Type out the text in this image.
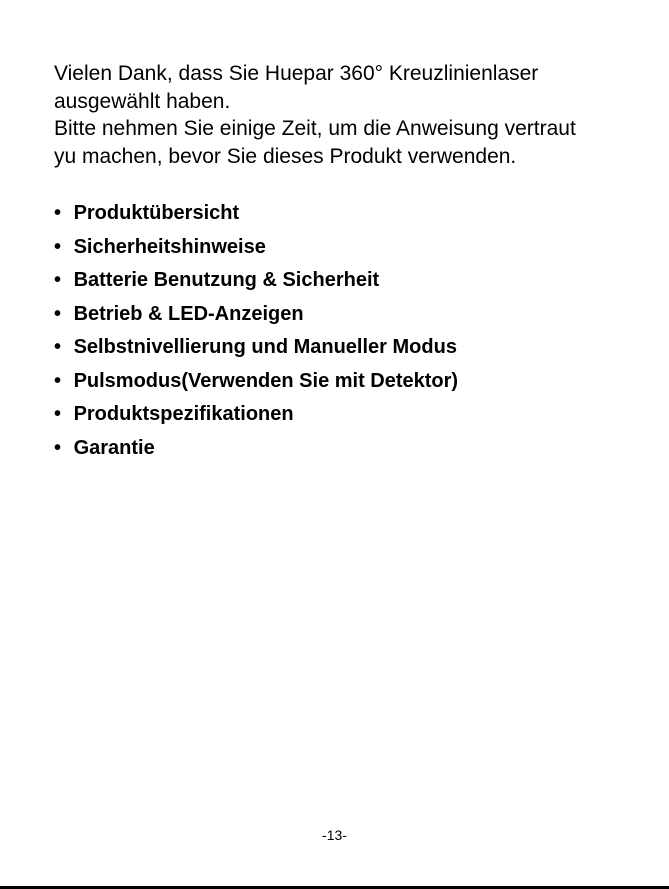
Vielen Dank, dass Sie Huepar 360° Kreuzlinienlaser

ausgewählt haben.

Bitte nehmen Sie einige Zeit, um die Anweisung vertraut

yu machen, bevor Sie dieses Produkt verwenden.

• Produktübersicht
• Sicherheitshinweise
• Batterie Benutzung & Sicherheit
• Betrieb & LED-Anzeigen
• Selbstnivellierung und Manueller Modus
• Pulsmodus(Verwenden Sie mit Detektor)
• Produktspezifikationen
• Garantie
-13-
